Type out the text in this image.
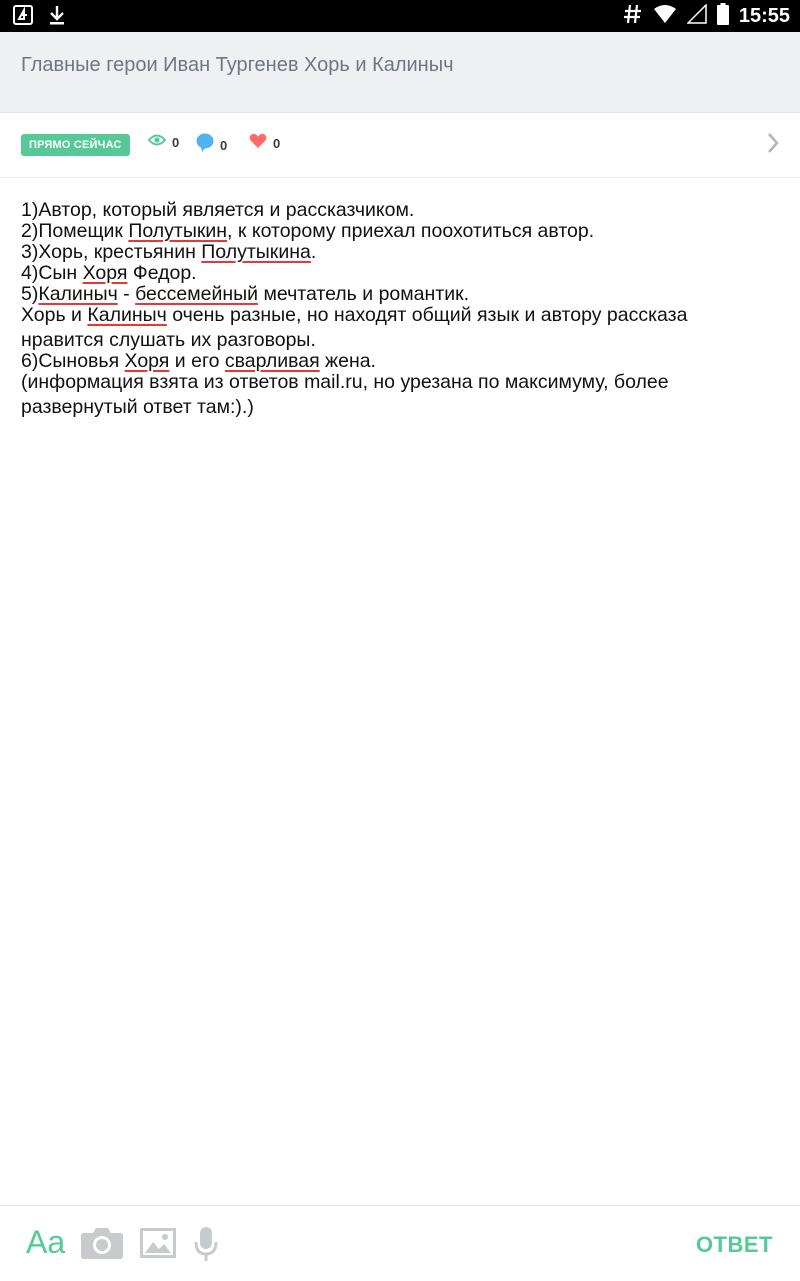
15:55
Главные герои Иван Тургенев Хорь и Калиныч
ПРЯМО СЕЙЧАС	0	0	0
1)Автор, который является и рассказчиком.
2)Помещик Полутыкин, к которому приехал поохотиться автор.
3)Хорь, крестьянин Полутыкина.
4)Сын Хоря Федор.
5)Калиныч - бессемейный мечтатель и романтик.
Хорь и Калиныч очень разные, но находят общий язык и автору рассказа
нравится слушать их разговоры.
6)Сыновья Хоря и его сварливая жена.
(информация взята из ответов mail.ru, но урезана по максимуму, более
развернутый ответ там:).)
Aa	ОТВЕТ
